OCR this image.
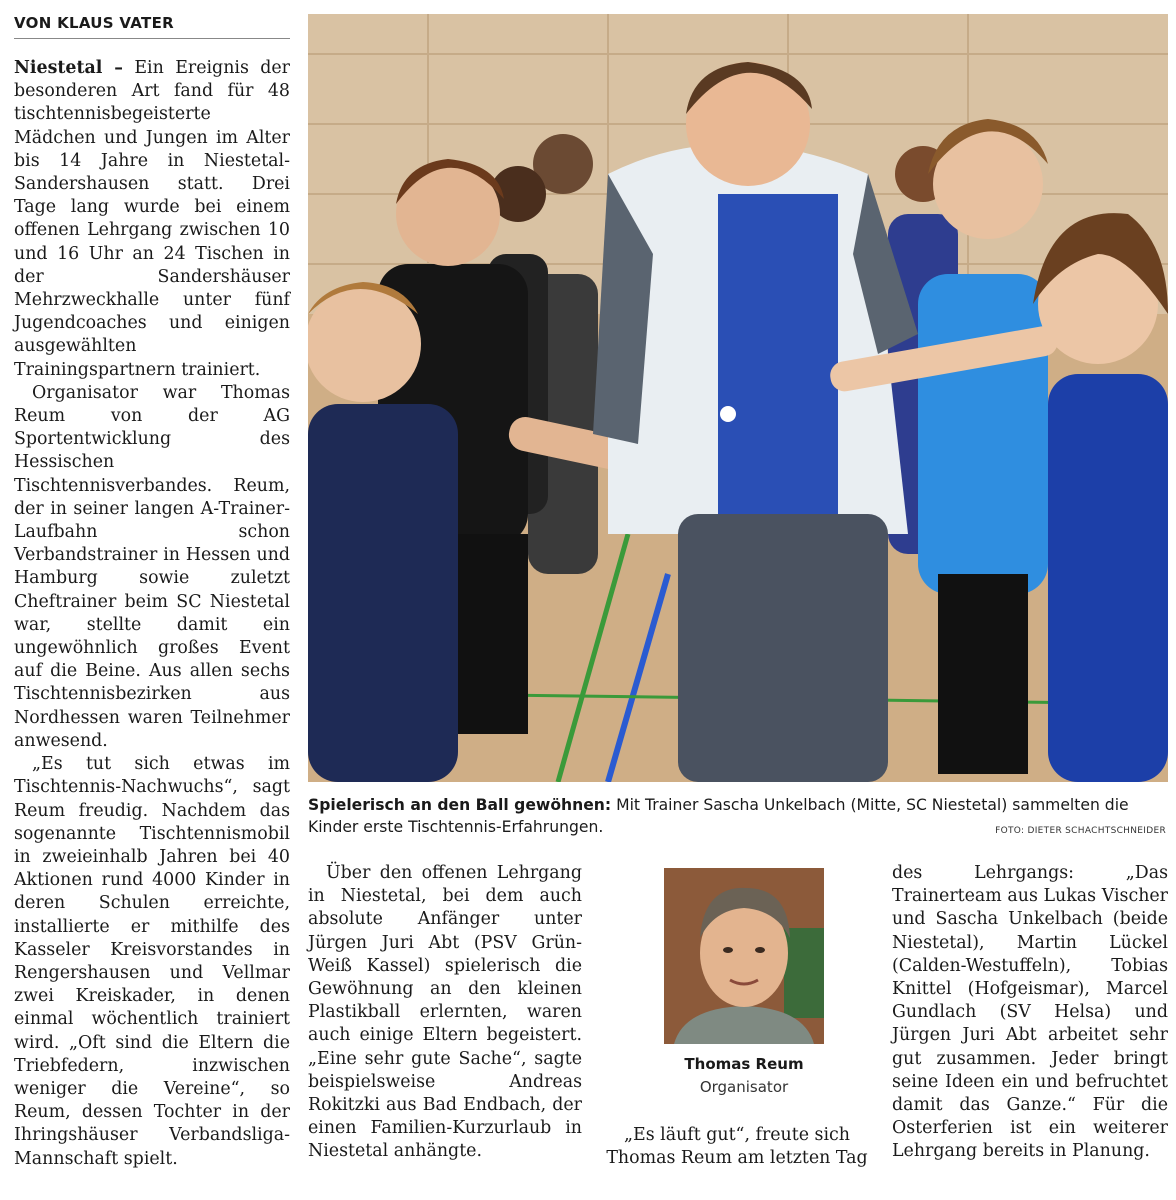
VON KLAUS VATER

Niestetal – Ein Ereignis der besonderen Art fand für 48 tischtennisbegeisterte Mädchen und Jungen im Alter bis 14 Jahre in Niestetal-Sandershausen statt. Drei Tage lang wurde bei einem offenen Lehrgang zwischen 10 und 16 Uhr an 24 Tischen in der Sandershäuser Mehrzweckhalle unter fünf Jugendcoaches und einigen ausgewählten Trainingspartnern trainiert.

Organisator war Thomas Reum von der AG Sportentwicklung des Hessischen Tischtennisverbandes. Reum, der in seiner langen A-Trainer-Laufbahn schon Verbandstrainer in Hessen und Hamburg sowie zuletzt Cheftrainer beim SC Niestetal war, stellte damit ein ungewöhnlich großes Event auf die Beine. Aus allen sechs Tischtennisbezirken aus Nordhessen waren Teilnehmer anwesend.

„Es tut sich etwas im Tischtennis-Nachwuchs“, sagt Reum freudig. Nachdem das sogenannte Tischtennismobil in zweieinhalb Jahren bei 40 Aktionen rund 4000 Kinder in deren Schulen erreichte, installierte er mithilfe des Kasseler Kreisvorstandes in Rengershausen und Vellmar zwei Kreiskader, in denen einmal wöchentlich trainiert wird. „Oft sind die Eltern die Triebfedern, inzwischen weniger die Vereine“, so Reum, dessen Tochter in der Ihringshäuser Verbandsliga-Mannschaft spielt.

Spielerisch an den Ball gewöhnen: Mit Trainer Sascha Unkelbach (Mitte, SC Niestetal) sammelten die Kinder erste Tischtennis-Erfahrungen.	FOTO: DIETER SCHACHTSCHNEIDER

Über den offenen Lehrgang in Niestetal, bei dem auch absolute Anfänger unter Jürgen Juri Abt (PSV Grün-Weiß Kassel) spielerisch die Gewöhnung an den kleinen Plastikball erlernten, waren auch einige Eltern begeistert. „Eine sehr gute Sache“, sagte beispielsweise Andreas Rokitzki aus Bad Endbach, der einen Familien-Kurzurlaub in Niestetal anhängte.

Thomas Reum
Organisator

„Es läuft gut“, freute sich Thomas Reum am letzten Tag

des Lehrgangs: „Das Trainerteam aus Lukas Vischer und Sascha Unkelbach (beide Niestetal), Martin Lückel (Calden-Westuffeln), Tobias Knittel (Hofgeismar), Marcel Gundlach (SV Helsa) und Jürgen Juri Abt arbeitet sehr gut zusammen. Jeder bringt seine Ideen ein und befruchtet damit das Ganze.“ Für die Osterferien ist ein weiterer Lehrgang bereits in Planung.
